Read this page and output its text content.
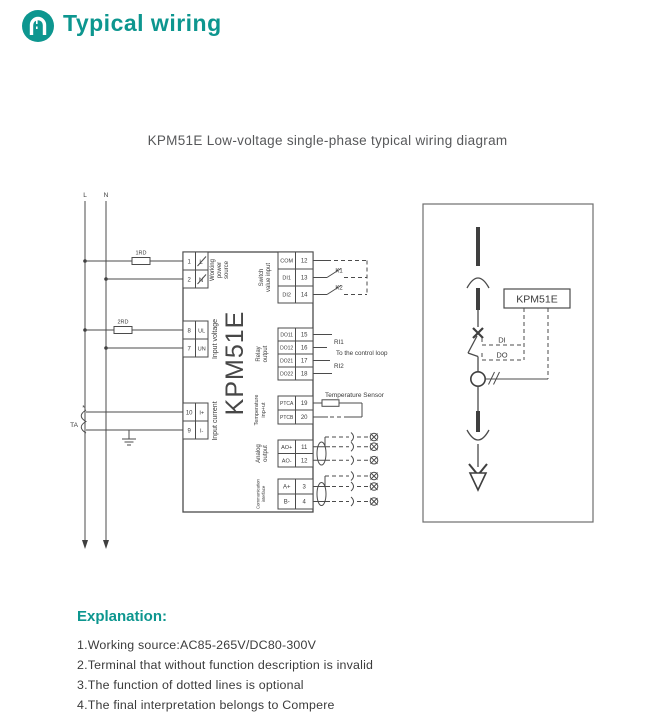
Typical wiring
KPM51E Low-voltage single-phase typical wiring diagram
L	N
1RD
2RD
*
TA
KPM51E
1
2
L
N
Working power source
8
7
UL
UN Input voltage
10
9
I+
I- Input current
COM
DI1
DI2
12
13
14
Switch value input	K1
K2
DO11
DO12
DO21
DO22
15
16
17
18
Relay output
RI1
To the control loop
RI2
PTCA
PTCB
19
20
Temperature inp+ut
Temperature Sensor
AO+
AO-
11
12
Analog output
A+
B-
3
4
Communication interface
KPM51E
DI
DO
Explanation:
1.Working source:AC85-265V/DC80-300V
2.Terminal that without function description is invalid
3.The function of dotted lines is optional
4.The final interpretation belongs to Compere
